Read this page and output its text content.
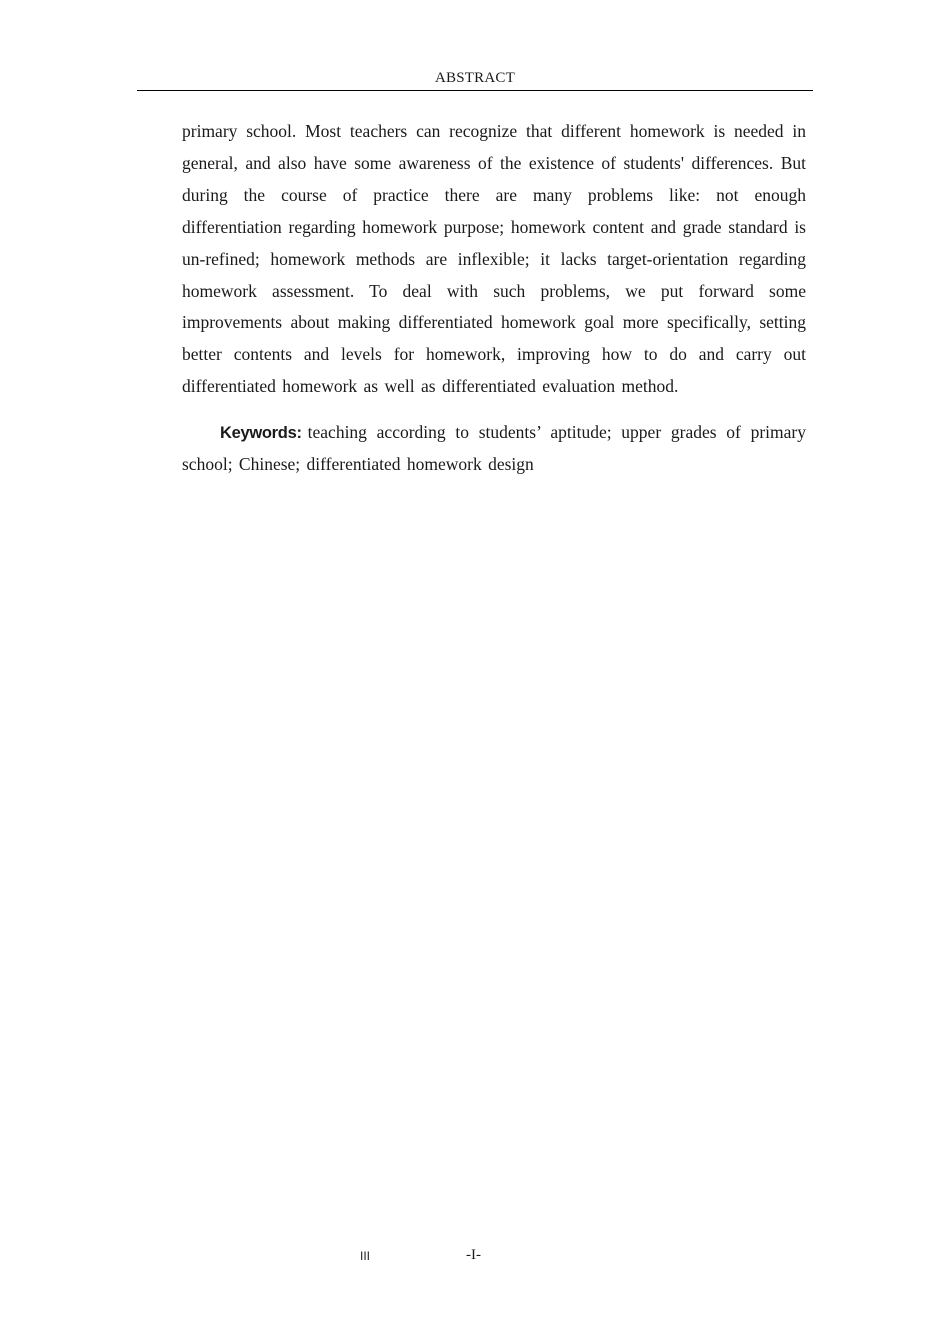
ABSTRACT

primary school. Most teachers can recognize that different homework is needed in general, and also have some awareness of the existence of students' differences. But during the course of practice there are many problems like: not enough differentiation regarding homework purpose; homework content and grade standard is un-refined; homework methods are inflexible; it lacks target-orientation regarding homework assessment. To deal with such problems, we put forward some improvements about making differentiated homework goal more specifically, setting better contents and levels for homework, improving how to do and carry out differentiated homework as well as differentiated evaluation method.

Keywords: teaching according to students’ aptitude; upper grades of primary school; Chinese; differentiated homework design

III	-I-
